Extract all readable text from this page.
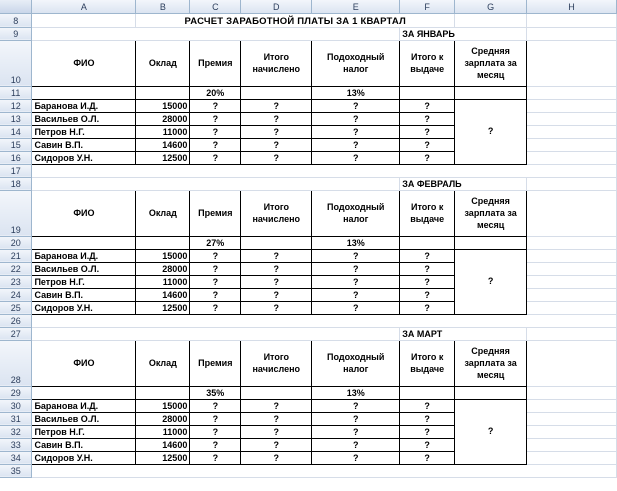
	A	B	C	D	E	F	G	H
8		РАСЧЕТ ЗАРАБОТНОЙ ПЛАТЫ ЗА 1 КВАРТАЛ						
9						ЗА ЯНВАРЬ		
10	ФИО	Оклад	Премия	Итого начислено	Подоходный налог	Итого к выдаче	Средняя зарплата за месяц	
11			20%		13%			
12	Баранова И.Д.	15000	?	?	?	?	?	
13	Васильев О.Л.	28000	?	?	?	?		
14	Петров Н.Г.	11000	?	?	?	?		
15	Савин В.П.	14600	?	?	?	?		
16	Сидоров У.Н.	12500	?	?	?	?		
17								
18						ЗА ФЕВРАЛЬ		
19	ФИО	Оклад	Премия	Итого начислено	Подоходный налог	Итого к выдаче	Средняя зарплата за месяц	
20			27%		13%			
21	Баранова И.Д.	15000	?	?	?	?	?	
22	Васильев О.Л.	28000	?	?	?	?		
23	Петров Н.Г.	11000	?	?	?	?		
24	Савин В.П.	14600	?	?	?	?		
25	Сидоров У.Н.	12500	?	?	?	?		
26								
27						ЗА МАРТ		
28	ФИО	Оклад	Премия	Итого начислено	Подоходный налог	Итого к выдаче	Средняя зарплата за месяц	
29			35%		13%			
30	Баранова И.Д.	15000	?	?	?	?	?	
31	Васильев О.Л.	28000	?	?	?	?		
32	Петров Н.Г.	11000	?	?	?	?		
33	Савин В.П.	14600	?	?	?	?		
34	Сидоров У.Н.	12500	?	?	?	?		
35								
